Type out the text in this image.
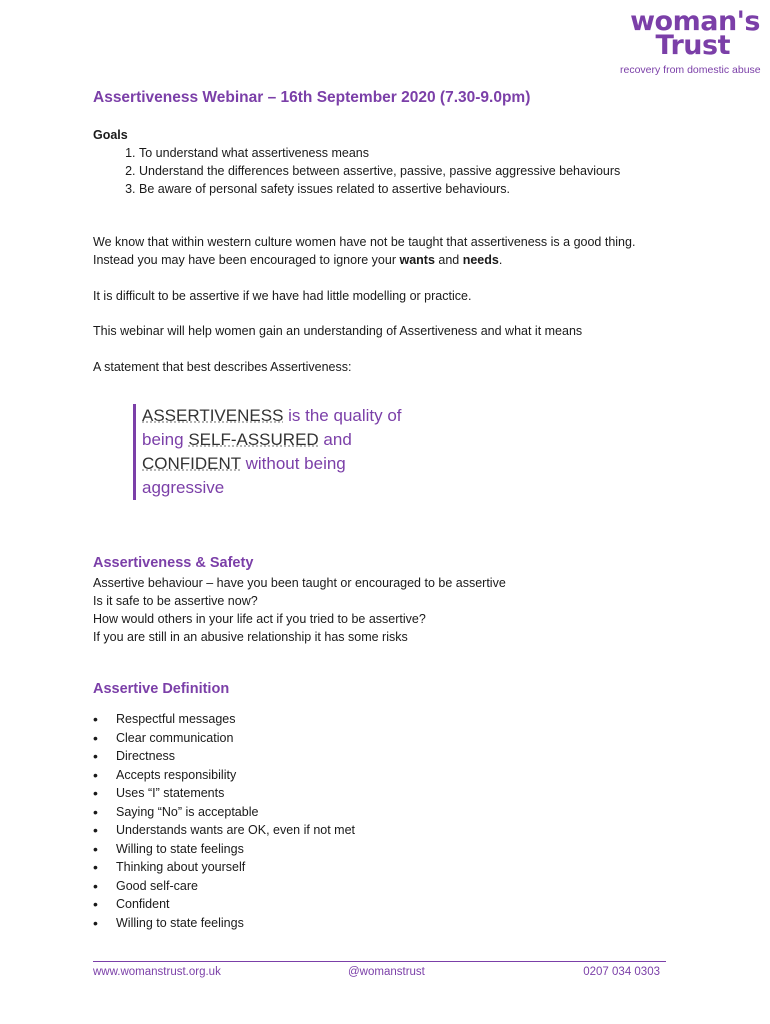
woman's
Trust
recovery from domestic abuse
Assertiveness Webinar – 16th September 2020 (7.30-9.0pm)
Goals
1. To understand what assertiveness means
2. Understand the differences between assertive, passive, passive aggressive behaviours
3. Be aware of personal safety issues related to assertive behaviours.
We know that within western culture women have not be taught that assertiveness is a good thing. Instead you may have been encouraged to ignore your wants and needs.
It is difficult to be assertive if we have had little modelling or practice.
This webinar will help women gain an understanding of Assertiveness and what it means
A statement that best describes Assertiveness:
ASSERTIVENESS is the quality of being SELF-ASSURED and CONFIDENT without being aggressive
Assertiveness & Safety
Assertive behaviour – have you been taught or encouraged to be assertive
Is it safe to be assertive now?
How would others in your life act if you tried to be assertive?
If you are still in an abusive relationship it has some risks
Assertive Definition
• Respectful messages
• Clear communication
• Directness
• Accepts responsibility
• Uses “I” statements
• Saying “No” is acceptable
• Understands wants are OK, even if not met
• Willing to state feelings
• Thinking about yourself
• Good self-care
• Confident
• Willing to state feelings
www.womanstrust.org.uk	@womanstrust	0207 034 0303
